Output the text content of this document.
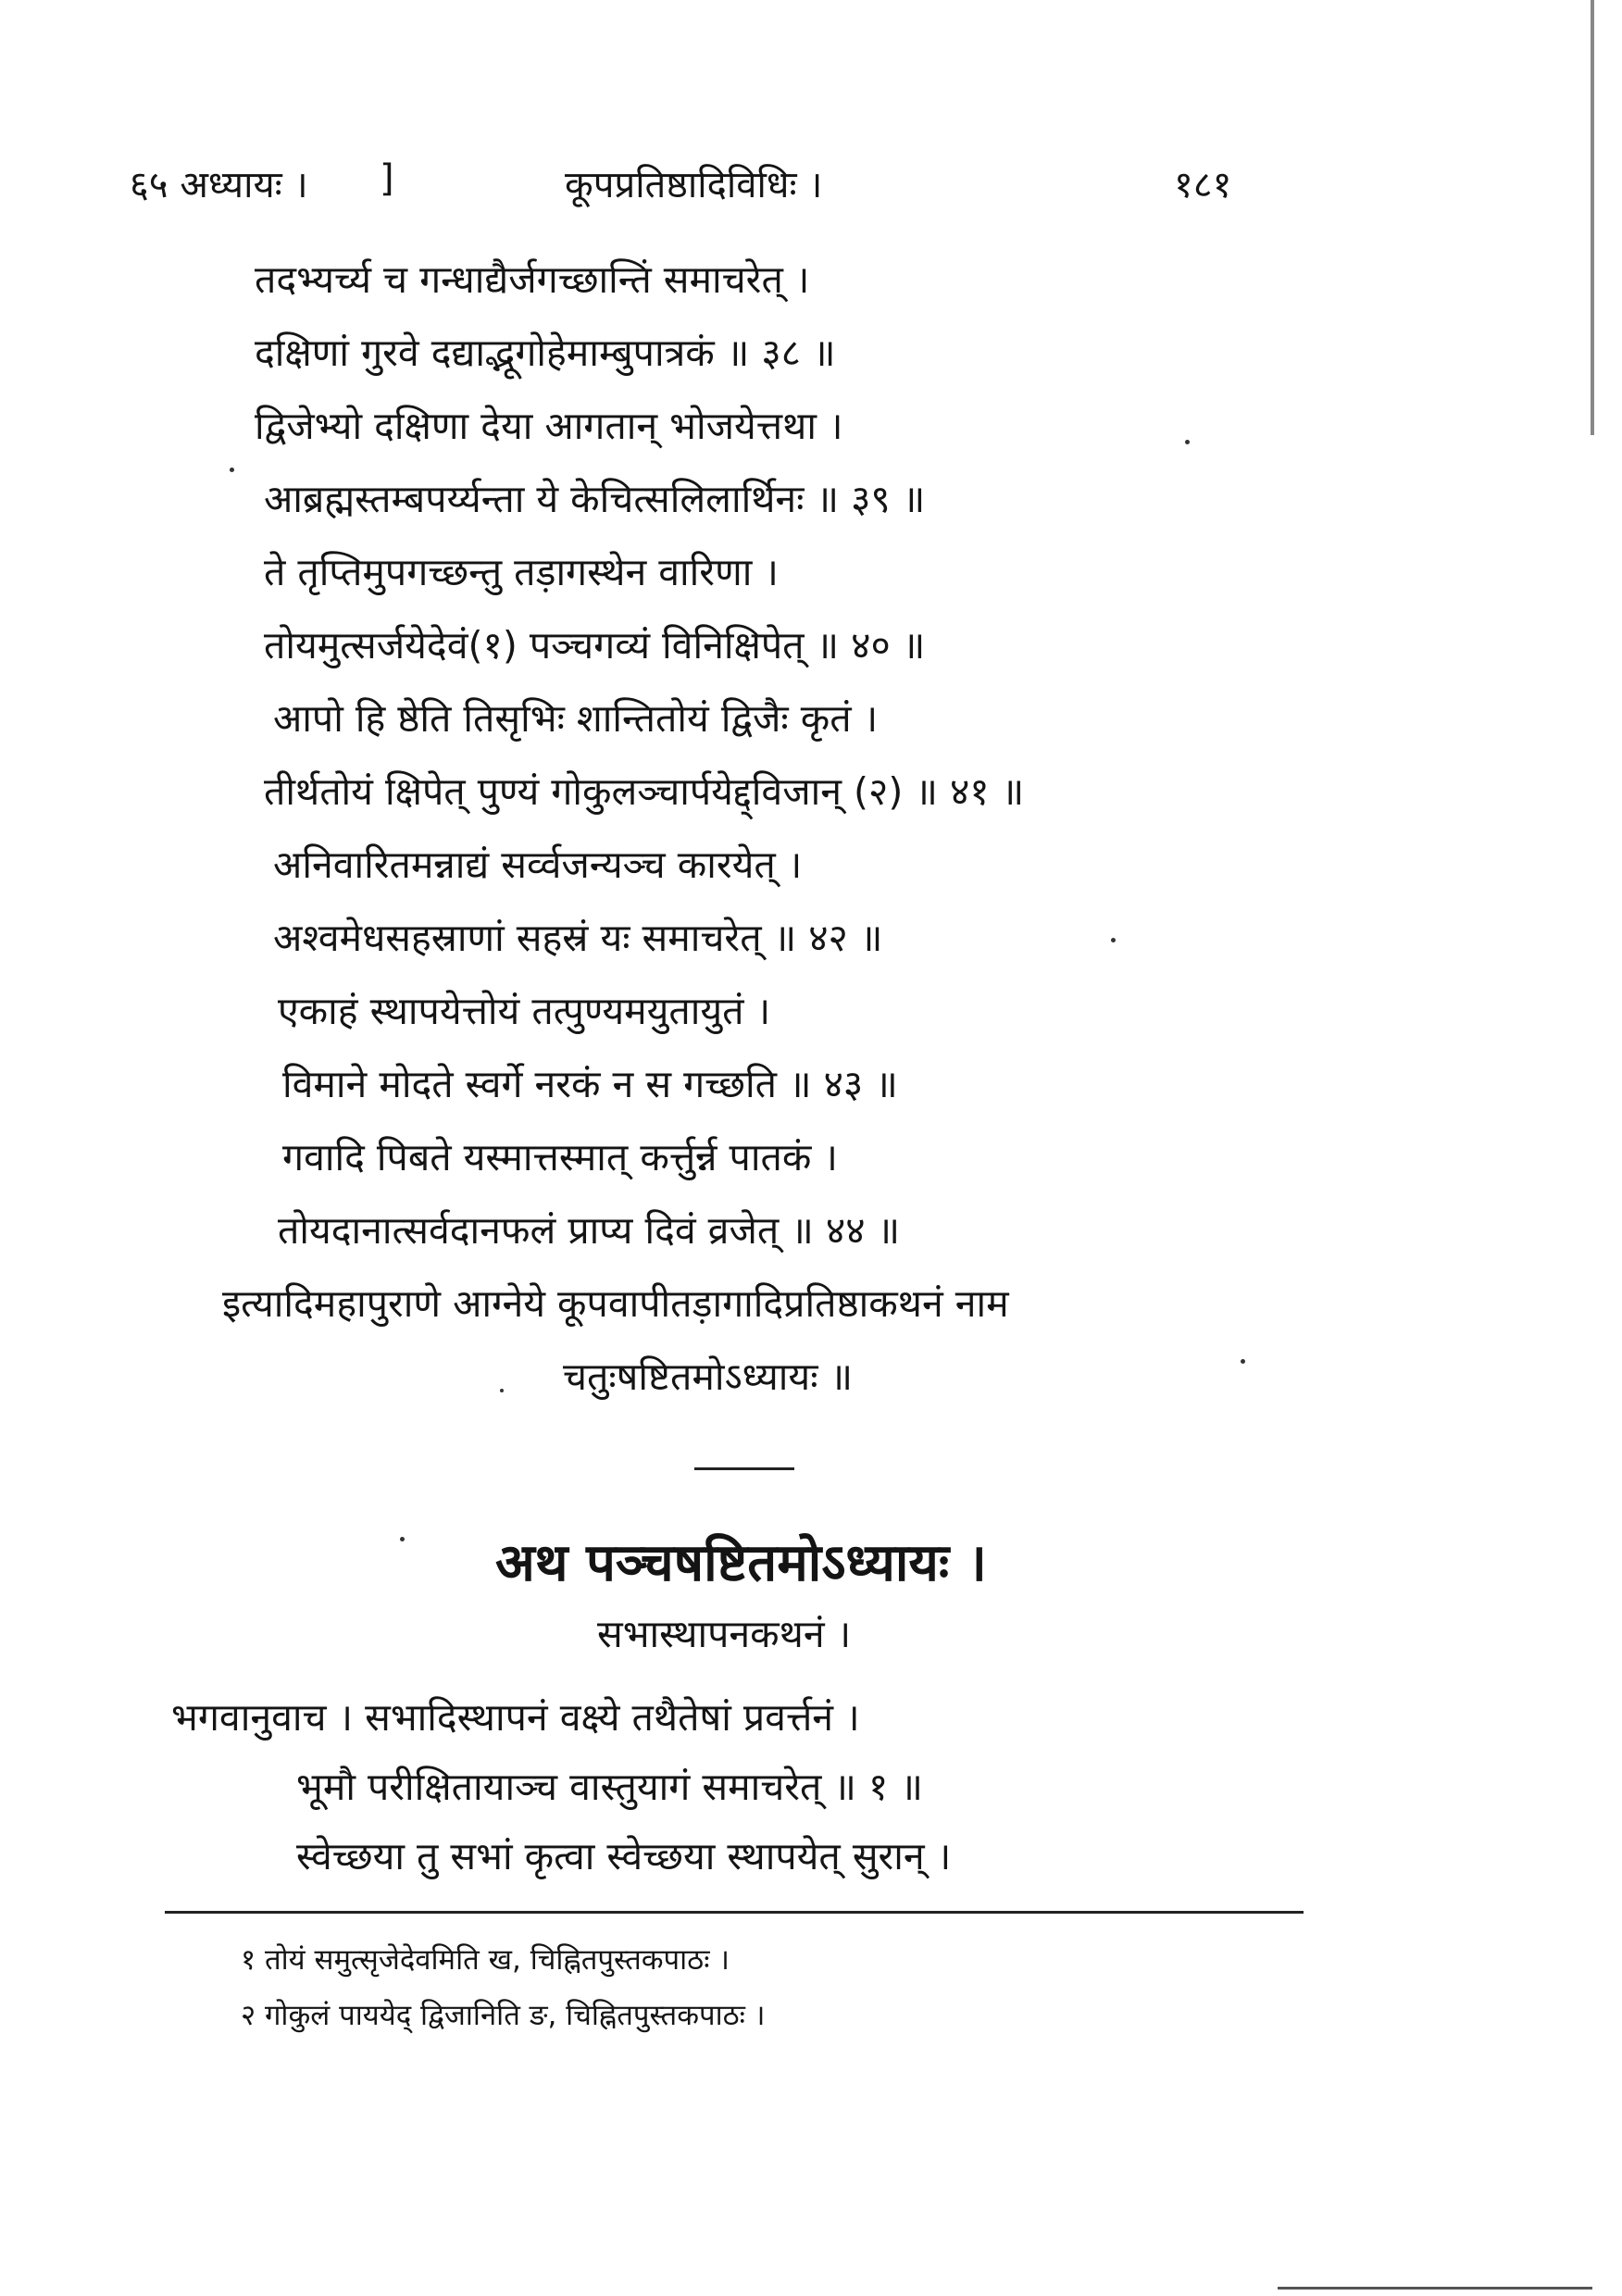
६५ अध्यायः । ]	कूपप्रतिष्ठादिविधिः ।	१८१
तदभ्यर्च्य च गन्धाद्यैर्जगच्छान्तिं समाचरेत् ।
दक्षिणां गुरवे दद्याद्भूगोहेमाम्बुपात्रकं ॥ ३८ ॥
द्विजेभ्यो दक्षिणा देया आगतान् भोजयेत्तथा ।
आब्रह्मस्तम्बपर्य्यन्ता ये केचित्सलिलार्थिनः ॥ ३९ ॥
ते तृप्तिमुपगच्छन्तु तड़ागस्थेन वारिणा ।
तोयमुत्सर्जयेदेवं(१) पञ्चगव्यं विनिक्षिपेत् ॥ ४० ॥
आपो हि ष्ठेति तिसृभिः शान्तितोयं द्विजैः कृतं ।
तीर्थतोयं क्षिपेत् पुण्यं गोकुलञ्चार्पयेद्द्विजान् (२) ॥ ४१ ॥
अनिवारितमन्नाद्यं सर्व्वजन्यञ्च कारयेत् ।
अश्वमेधसहस्राणां सहस्रं यः समाचरेत् ॥ ४२ ॥
एकाहं स्थापयेत्तोयं तत्पुण्यमयुतायुतं ।
विमाने मोदते स्वर्गे नरकं न स गच्छति ॥ ४३ ॥
गवादि पिबते यस्मात्तस्मात् कर्त्तुर्न्न पातकं ।
तोयदानात्सर्वदानफलं प्राप्य दिवं व्रजेत् ॥ ४४ ॥
इत्यादिमहापुराणे आग्नेये कूपवापीतड़ागादिप्रतिष्ठाकथनं नाम
चतुःषष्टितमोऽध्यायः ॥
अथ पञ्चषष्टितमोऽध्यायः ।
सभास्थापनकथनं ।
भगवानुवाच । सभादिस्थापनं वक्ष्ये तथैतेषां प्रवर्त्तनं ।
भूमौ परीक्षितायाञ्च वास्तुयागं समाचरेत् ॥ १ ॥
स्वेच्छया तु सभां कृत्वा स्वेच्छया स्थापयेत् सुरान् ।
१ तोयं समुत्सृजेदेवमिति ख, चिह्नितपुस्तकपाठः ।
२ गोकुलं पाययेद् द्विजानिति ङ, चिह्नितपुस्तकपाठः ।
